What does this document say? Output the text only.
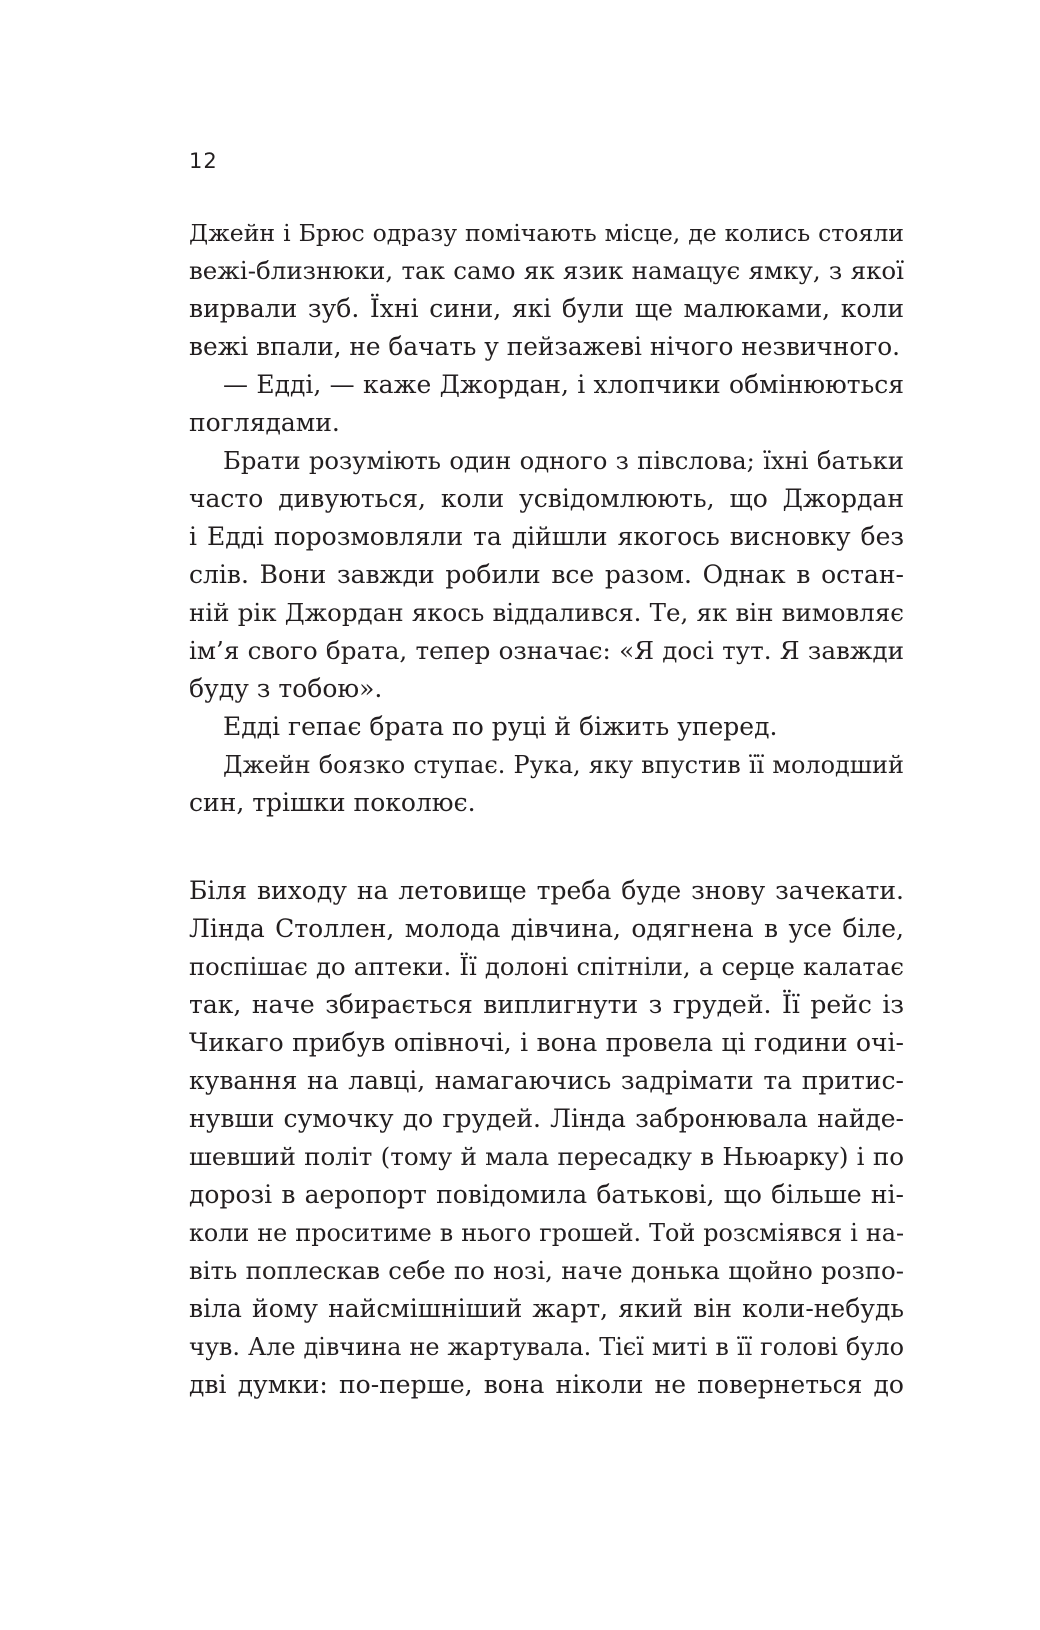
12
Джейн і Брюс одразу помічають місце, де колись стояли
вежі-близнюки, так само як язик намацує ямку, з якої
вирвали зуб. Їхні сини, які були ще малюками, коли
вежі впали, не бачать у пейзажеві нічого незвичного.
— Едді, — каже Джордан, і хлопчики обмінюються
поглядами.
Брати розуміють один одного з півслова; їхні батьки
часто дивуються, коли усвідомлюють, що Джордан
і Едді порозмовляли та дійшли якогось висновку без
слів. Вони завжди робили все разом. Однак в остан-
ній рік Джордан якось віддалився. Те, як він вимовляє
ім’я свого брата, тепер означає: «Я досі тут. Я завжди
буду з тобою».
Едді гепає брата по руці й біжить уперед.
Джейн боязко ступає. Рука, яку впустив її молодший
син, трішки поколює.
Біля виходу на летовище треба буде знову зачекати.
Лінда Столлен, молода дівчина, одягнена в усе біле,
поспішає до аптеки. Її долоні спітніли, а серце калатає
так, наче збирається виплигнути з грудей. Її рейс із
Чикаго прибув опівночі, і вона провела ці години очі-
кування на лавці, намагаючись задрімати та притис-
нувши сумочку до грудей. Лінда забронювала найде-
шевший політ (тому й мала пересадку в Ньюарку) і по
дорозі в аеропорт повідомила батькові, що більше ні-
коли не проситиме в нього грошей. Той розсміявся і на-
віть поплескав себе по нозі, наче донька щойно розпо-
віла йому найсмішніший жарт, який він коли-небудь
чув. Але дівчина не жартувала. Тієї миті в її голові було
дві думки: по-перше, вона ніколи не повернеться до
